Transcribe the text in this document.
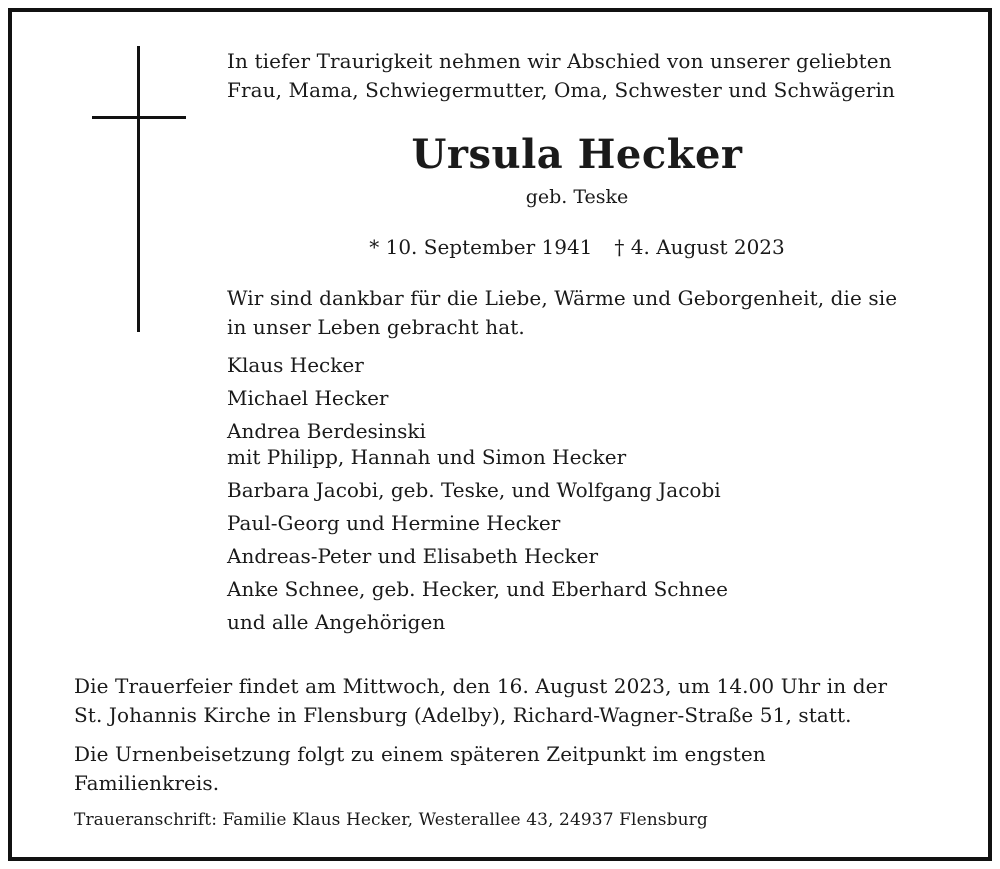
In tiefer Traurigkeit nehmen wir Abschied von unserer geliebten
Frau, Mama, Schwiegermutter, Oma, Schwester und Schwägerin

Ursula Hecker

geb. Teske

* 10. September 1941 † 4. August 2023

Wir sind dankbar für die Liebe, Wärme und Geborgenheit, die sie
in unser Leben gebracht hat.

Klaus Hecker
Michael Hecker
Andrea Berdesinski
mit Philipp, Hannah und Simon Hecker
Barbara Jacobi, geb. Teske, und Wolfgang Jacobi
Paul-Georg und Hermine Hecker
Andreas-Peter und Elisabeth Hecker
Anke Schnee, geb. Hecker, und Eberhard Schnee
und alle Angehörigen

Die Trauerfeier findet am Mittwoch, den 16. August 2023, um 14.00 Uhr in der
St. Johannis Kirche in Flensburg (Adelby), Richard-Wagner-Straße 51, statt.

Die Urnenbeisetzung folgt zu einem späteren Zeitpunkt im engsten
Familienkreis.

Traueranschrift: Familie Klaus Hecker, Westerallee 43, 24937 Flensburg
